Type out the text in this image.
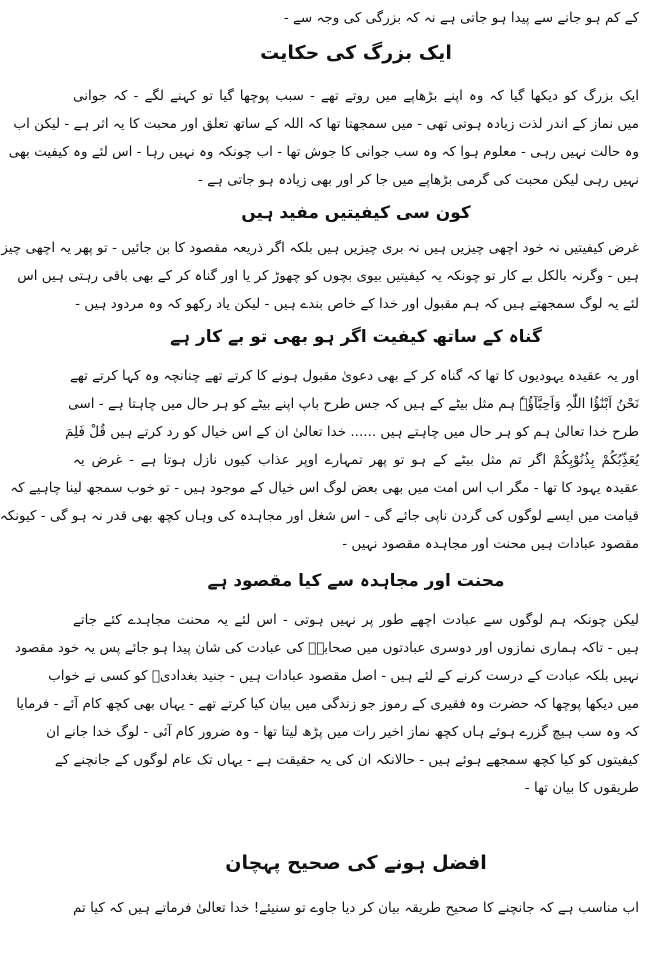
کے کم ہو جانے سے پیدا ہو جاتی ہے نہ کہ بزرگی کی وجہ سے -
ایک بزرگ کی حکایت
ایک بزرگ کو دیکھا گیا کہ وہ اپنے بڑھاپے میں روتے تھے - سبب پوچھا گیا تو کہنے لگے - کہ جوانی
میں نماز کے اندر لذت زیادہ ہوتی تھی - میں سمجھتا تھا کہ اللہ کے ساتھ تعلق اور محبت کا یہ اثر ہے - لیکن اب
وہ حالت نہیں رہی - معلوم ہوا کہ وہ سب جوانی کا جوش تھا - اب چونکہ وہ نہیں رہا - اس لئے وہ کیفیت بھی
نہیں رہی لیکن محبت کی گرمی بڑھاپے میں جا کر اور بھی زیادہ ہو جاتی ہے -
کون سی کیفیتیں مفید ہیں
غرض کیفیتیں نہ خود اچھی چیزیں ہیں نہ بری چیزیں ہیں بلکہ اگر ذریعہ مقصود کا بن جائیں - تو پھر یہ اچھی چیز
ہیں - وگرنہ بالکل بے کار تو چونکہ یہ کیفیتیں بیوی بچوں کو چھوڑ کر یا اور گناہ کر کے بھی باقی رہتی ہیں اس
لئے یہ لوگ سمجھتے ہیں کہ ہم مقبول اور خدا کے خاص بندے ہیں - لیکن یاد رکھو کہ وہ مردود ہیں -
گناہ کے ساتھ کیفیت اگر ہو بھی تو بے کار ہے
اور یہ عقیدہ یہودیوں کا تھا کہ گناہ کر کے بھی دعویٰ مقبول ہونے کا کرتے تھے چنانچہ وہ کہا کرتے تھے
نَحْنُ اَبْنٰٓؤُا اللّٰہِ وَاَحِبَّآؤُہٗ ہم مثل بیٹے کے ہیں کہ جس طرح باپ اپنے بیٹے کو ہر حال میں چاہتا ہے - اسی
طرح خدا تعالیٰ ہم کو ہر حال میں چاہتے ہیں ...... خدا تعالیٰ ان کے اس خیال کو رد کرتے ہیں قُلْ فَلِمَ
یُعَذِّبُکُمْ بِذُنُوْبِکُمْ اگر تم مثل بیٹے کے ہو تو پھر تمہارے اوپر عذاب کیوں نازل ہوتا ہے - غرض یہ
عقیدہ یہود کا تھا - مگر اب اس امت میں بھی بعض لوگ اس خیال کے موجود ہیں - تو خوب سمجھ لینا چاہیے کہ
قیامت میں ایسے لوگوں کی گردن ناپی جائے گی - اس شغل اور مجاہدہ کی وہاں کچھ بھی قدر نہ ہو گی - کیونکہ
مقصود عبادات ہیں محنت اور مجاہدہ مقصود نہیں -
محنت اور مجاہدہ سے کیا مقصود ہے
لیکن چونکہ ہم لوگوں سے عبادت اچھے طور پر نہیں ہوتی - اس لئے یہ محنت مجاہدے کئے جاتے
ہیں - تاکہ ہماری نمازوں اور دوسری عبادتوں میں صحابہؓ کی عبادت کی شان پیدا ہو جائے پس یہ خود مقصود
نہیں بلکہ عبادت کے درست کرنے کے لئے ہیں - اصل مقصود عبادات ہیں - جنید بغدادیؒ کو کسی نے خواب
میں دیکھا پوچھا کہ حضرت وہ فقیری کے رموز جو زندگی میں بیان کیا کرتے تھے - یہاں بھی کچھ کام آئے - فرمایا
کہ وہ سب ہیچ گزرے ہوئے ہاں کچھ نماز اخیر رات میں پڑھ لیتا تھا - وہ ضرور کام آئی - لوگ خدا جانے ان
کیفیتوں کو کیا کچھ سمجھے ہوئے ہیں - حالانکہ ان کی یہ حقیقت ہے - یہاں تک عام لوگوں کے جانچنے کے
طریقوں کا بیان تھا -
افضل ہونے کی صحیح پہچان
اب مناسب ہے کہ جانچنے کا صحیح طریقہ بیان کر دیا جاوے تو سنیئے! خدا تعالیٰ فرماتے ہیں کہ کیا تم
